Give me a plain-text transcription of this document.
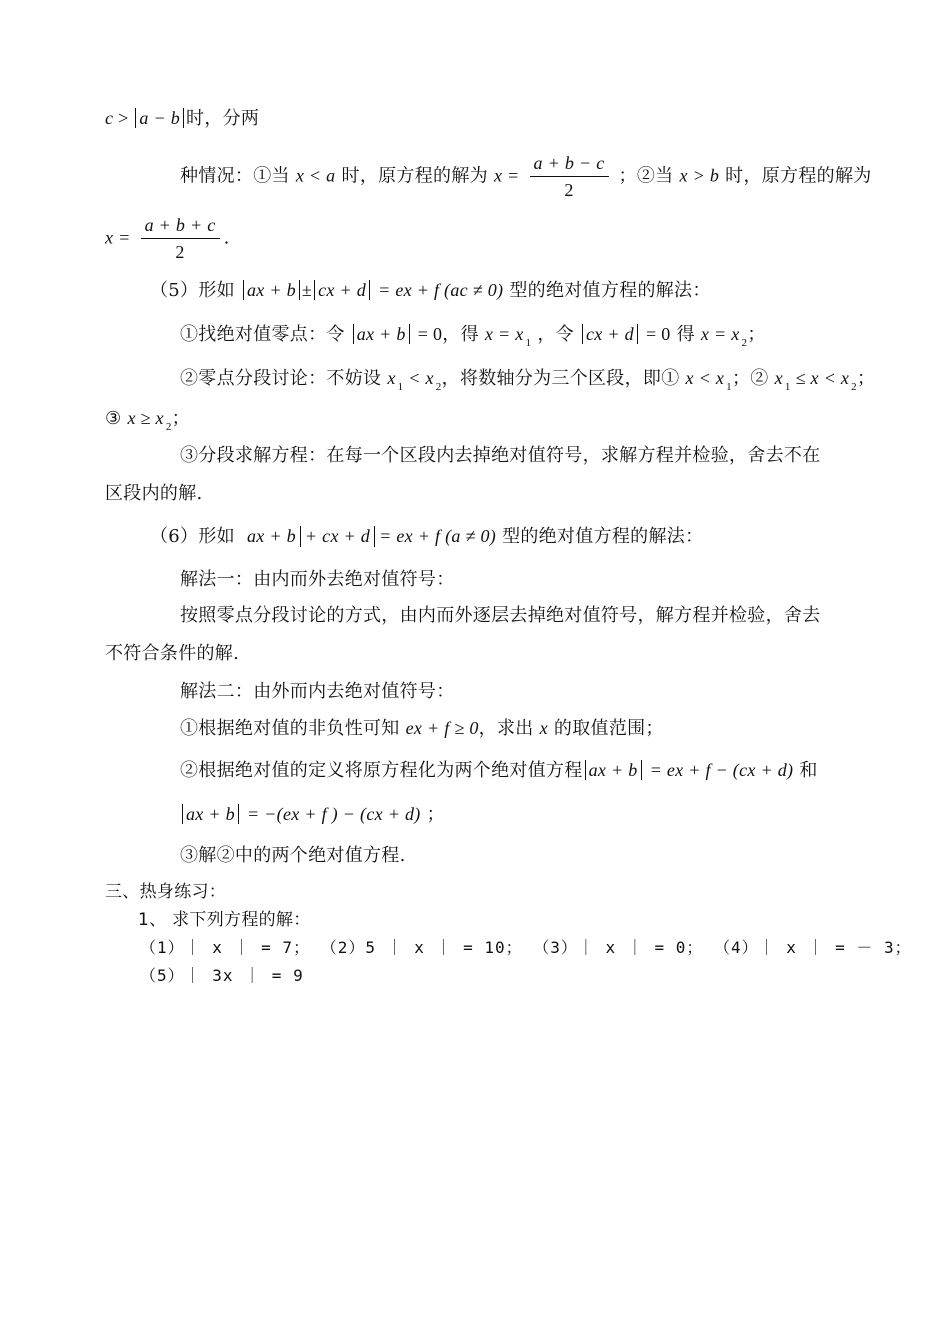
c > a − b 时，分两
种情况：①当 x < a 时，原方程的解为 $x = \frac{a + b - c}{2}$ ；②当 x > b 时，原方程的解为
$x = \frac{a + b + c}{2}$ .
（5）形如 ax + b ± cx + d = ex + f (ac ≠ 0) 型的绝对值方程的解法：
①找绝对值零点：令 ax + b = 0，得 x = x $_1$ ，令 cx + d = 0 得 x = x $_2$；
②零点分段讨论：不妨设 x $_1$ < x $_2$，将数轴分为三个区段，即① x < x $_1$；② x $_1$ ≤ x < x $_2$；
③ x ≥ x $_2$；
③分段求解方程：在每一个区段内去掉绝对值符号，求解方程并检验，舍去不在
区段内的解.
（6）形如 ax + b + cx + d = ex + f (a ≠ 0) 型的绝对值方程的解法：
解法一：由内而外去绝对值符号：
按照零点分段讨论的方式，由内而外逐层去掉绝对值符号，解方程并检验，舍去
不符合条件的解.
解法二：由外而内去绝对值符号：
①根据绝对值的非负性可知 ex + f ≥ 0，求出 x 的取值范围；
②根据绝对值的定义将原方程化为两个绝对值方程 ax + b = ex + f − (cx + d) 和
ax + b = −(ex + f ) − (cx + d) ；
③解②中的两个绝对值方程.
三、热身练习：
1、 求下列方程的解：
（1）｜ x ｜ = 7； （2）5 ｜ x ｜ = 10； （3）｜ x ｜ = 0； （4）｜ x ｜ = － 3；
（5）｜ 3x ｜ = 9
